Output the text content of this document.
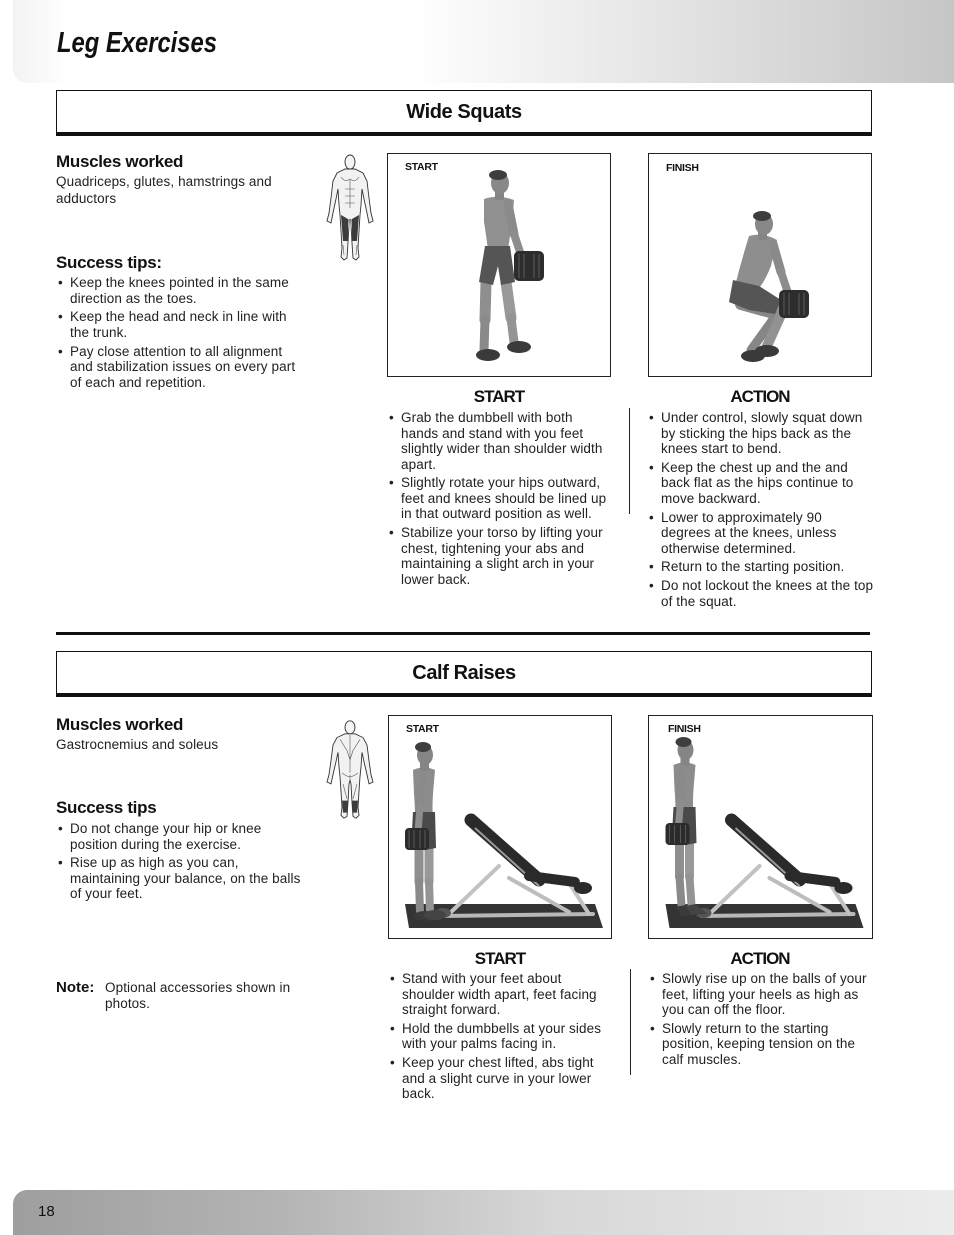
Leg Exercises
Wide Squats
Muscles worked
Quadriceps, glutes, hamstrings and adductors
Success tips:
• Keep the knees pointed in the same direction as the toes.
• Keep the head and neck in line with the trunk.
• Pay close attention to all alignment and stabilization issues on every part of each and repetition.
START	FINISH
START	ACTION
• Grab the dumbbell with both hands and stand with you feet slightly wider than shoulder width apart.
• Slightly rotate your hips outward, feet and knees should be lined up in that outward position as well.
• Stabilize your torso by lifting your chest, tightening your abs and maintaining a slight arch in your lower back.
• Under control, slowly squat down by sticking the hips back as the knees start to bend.
• Keep the chest up and the and back flat as the hips continue to move backward.
• Lower to approximately 90 degrees at the knees, unless otherwise determined.
• Return to the starting position.
• Do not lockout the knees at the top of the squat.
Calf Raises
Muscles worked
Gastrocnemius and soleus
Success tips
• Do not change your hip or knee position during the exercise.
• Rise up as high as you can, maintaining your balance, on the balls of your feet.
Note: Optional accessories shown in photos.
START	FINISH
START	ACTION
• Stand with your feet about shoulder width apart, feet facing straight forward.
• Hold the dumbbells at your sides with your palms facing in.
• Keep your chest lifted, abs tight and a slight curve in your lower back.
• Slowly rise up on the balls of your feet, lifting your heels as high as you can off the floor.
• Slowly return to the starting position, keeping tension on the calf muscles.
18
